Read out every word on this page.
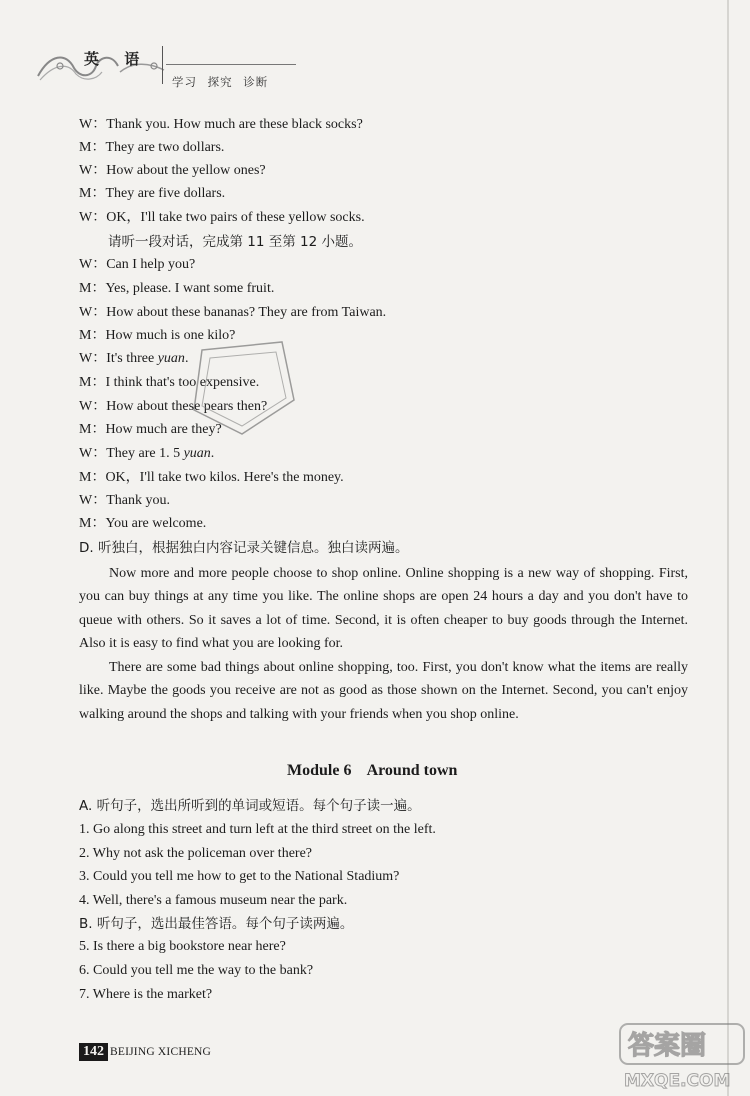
英 语
学习 探究 诊断
W：Thank you. How much are these black socks?
M：They are two dollars.
W：How about the yellow ones?
M：They are five dollars.
W：OK，I'll take two pairs of these yellow socks.
请听一段对话，完成第 11 至第 12 小题。
W：Can I help you?
M：Yes, please. I want some fruit.
W：How about these bananas? They are from Taiwan.
M：How much is one kilo?
W：It's three yuan.
M：I think that's too expensive.
W：How about these pears then?
M：How much are they?
W：They are 1. 5 yuan.
M：OK，I'll take two kilos. Here's the money.
W：Thank you.
M：You are welcome.
D. 听独白，根据独白内容记录关键信息。独白读两遍。
Now more and more people choose to shop online. Online shopping is a new way of shopping. First, you can buy things at any time you like. The online shops are open 24 hours a day and you don't have to queue with others. So it saves a lot of time. Second, it is often cheaper to buy goods through the Internet. Also it is easy to find what you are looking for.
There are some bad things about online shopping, too. First, you don't know what the items are really like. Maybe the goods you receive are not as good as those shown on the Internet. Second, you can't enjoy walking around the shops and talking with your friends when you shop online.
Module 6    Around town
A. 听句子，选出所听到的单词或短语。每个句子读一遍。
1. Go along this street and turn left at the third street on the left.
2. Why not ask the policeman over there?
3. Could you tell me how to get to the National Stadium?
4. Well, there's a famous museum near the park.
B. 听句子，选出最佳答语。每个句子读两遍。
5. Is there a big bookstore near here?
6. Could you tell me the way to the bank?
7. Where is the market?
答案圈
MXQE.COM
142 BEIJING XICHENG
